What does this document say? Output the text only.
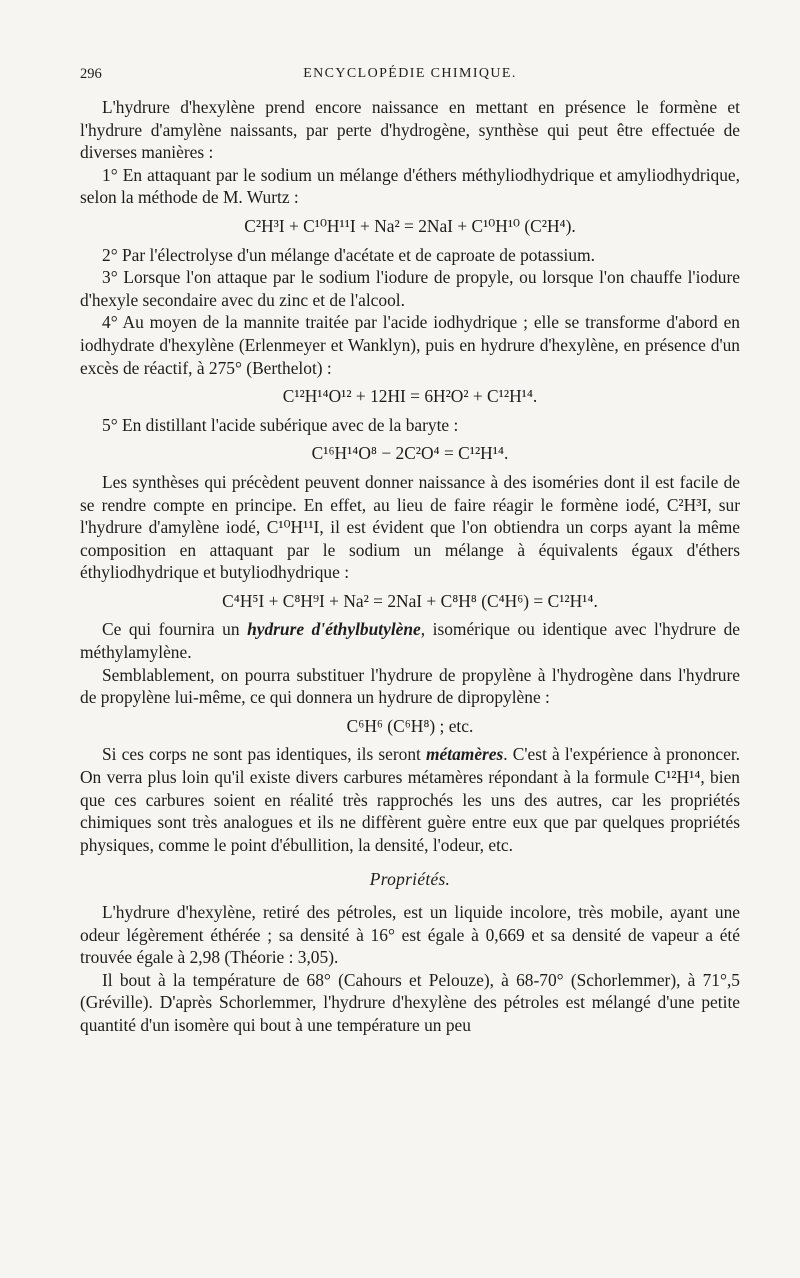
296	ENCYCLOPÉDIE CHIMIQUE.

L'hydrure d'hexylène prend encore naissance en mettant en présence le formène et l'hydrure d'amylène naissants, par perte d'hydrogène, synthèse qui peut être effectuée de diverses manières :

1° En attaquant par le sodium un mélange d'éthers méthyliodhydrique et amyliodhydrique, selon la méthode de M. Wurtz :

C²H³I + C¹⁰H¹¹I + Na² = 2NaI + C¹⁰H¹⁰ (C²H⁴).

2° Par l'électrolyse d'un mélange d'acétate et de caproate de potassium.

3° Lorsque l'on attaque par le sodium l'iodure de propyle, ou lorsque l'on chauffe l'iodure d'hexyle secondaire avec du zinc et de l'alcool.

4° Au moyen de la mannite traitée par l'acide iodhydrique ; elle se transforme d'abord en iodhydrate d'hexylène (Erlenmeyer et Wanklyn), puis en hydrure d'hexylène, en présence d'un excès de réactif, à 275° (Berthelot) :

C¹²H¹⁴O¹² + 12HI = 6H²O² + C¹²H¹⁴.

5° En distillant l'acide subérique avec de la baryte :

C¹⁶H¹⁴O⁸ − 2C²O⁴ = C¹²H¹⁴.

Les synthèses qui précèdent peuvent donner naissance à des isoméries dont il est facile de se rendre compte en principe. En effet, au lieu de faire réagir le formène iodé, C²H³I, sur l'hydrure d'amylène iodé, C¹⁰H¹¹I, il est évident que l'on obtiendra un corps ayant la même composition en attaquant par le sodium un mélange à équivalents égaux d'éthers éthyliodhydrique et butyliodhydrique :

C⁴H⁵I + C⁸H⁹I + Na² = 2NaI + C⁸H⁸ (C⁴H⁶) = C¹²H¹⁴.

Ce qui fournira un hydrure d'éthylbutylène, isomérique ou identique avec l'hydrure de méthylamylène.

Semblablement, on pourra substituer l'hydrure de propylène à l'hydrogène dans l'hydrure de propylène lui-même, ce qui donnera un hydrure de dipropylène :

C⁶H⁶ (C⁶H⁸) ; etc.

Si ces corps ne sont pas identiques, ils seront métamères. C'est à l'expérience à prononcer. On verra plus loin qu'il existe divers carbures métamères répondant à la formule C¹²H¹⁴, bien que ces carbures soient en réalité très rapprochés les uns des autres, car les propriétés chimiques sont très analogues et ils ne diffèrent guère entre eux que par quelques propriétés physiques, comme le point d'ébullition, la densité, l'odeur, etc.

Propriétés.

L'hydrure d'hexylène, retiré des pétroles, est un liquide incolore, très mobile, ayant une odeur légèrement éthérée ; sa densité à 16° est égale à 0,669 et sa densité de vapeur a été trouvée égale à 2,98 (Théorie : 3,05).

Il bout à la température de 68° (Cahours et Pelouze), à 68-70° (Schorlemmer), à 71°,5 (Gréville). D'après Schorlemmer, l'hydrure d'hexylène des pétroles est mélangé d'une petite quantité d'un isomère qui bout à une température un peu
